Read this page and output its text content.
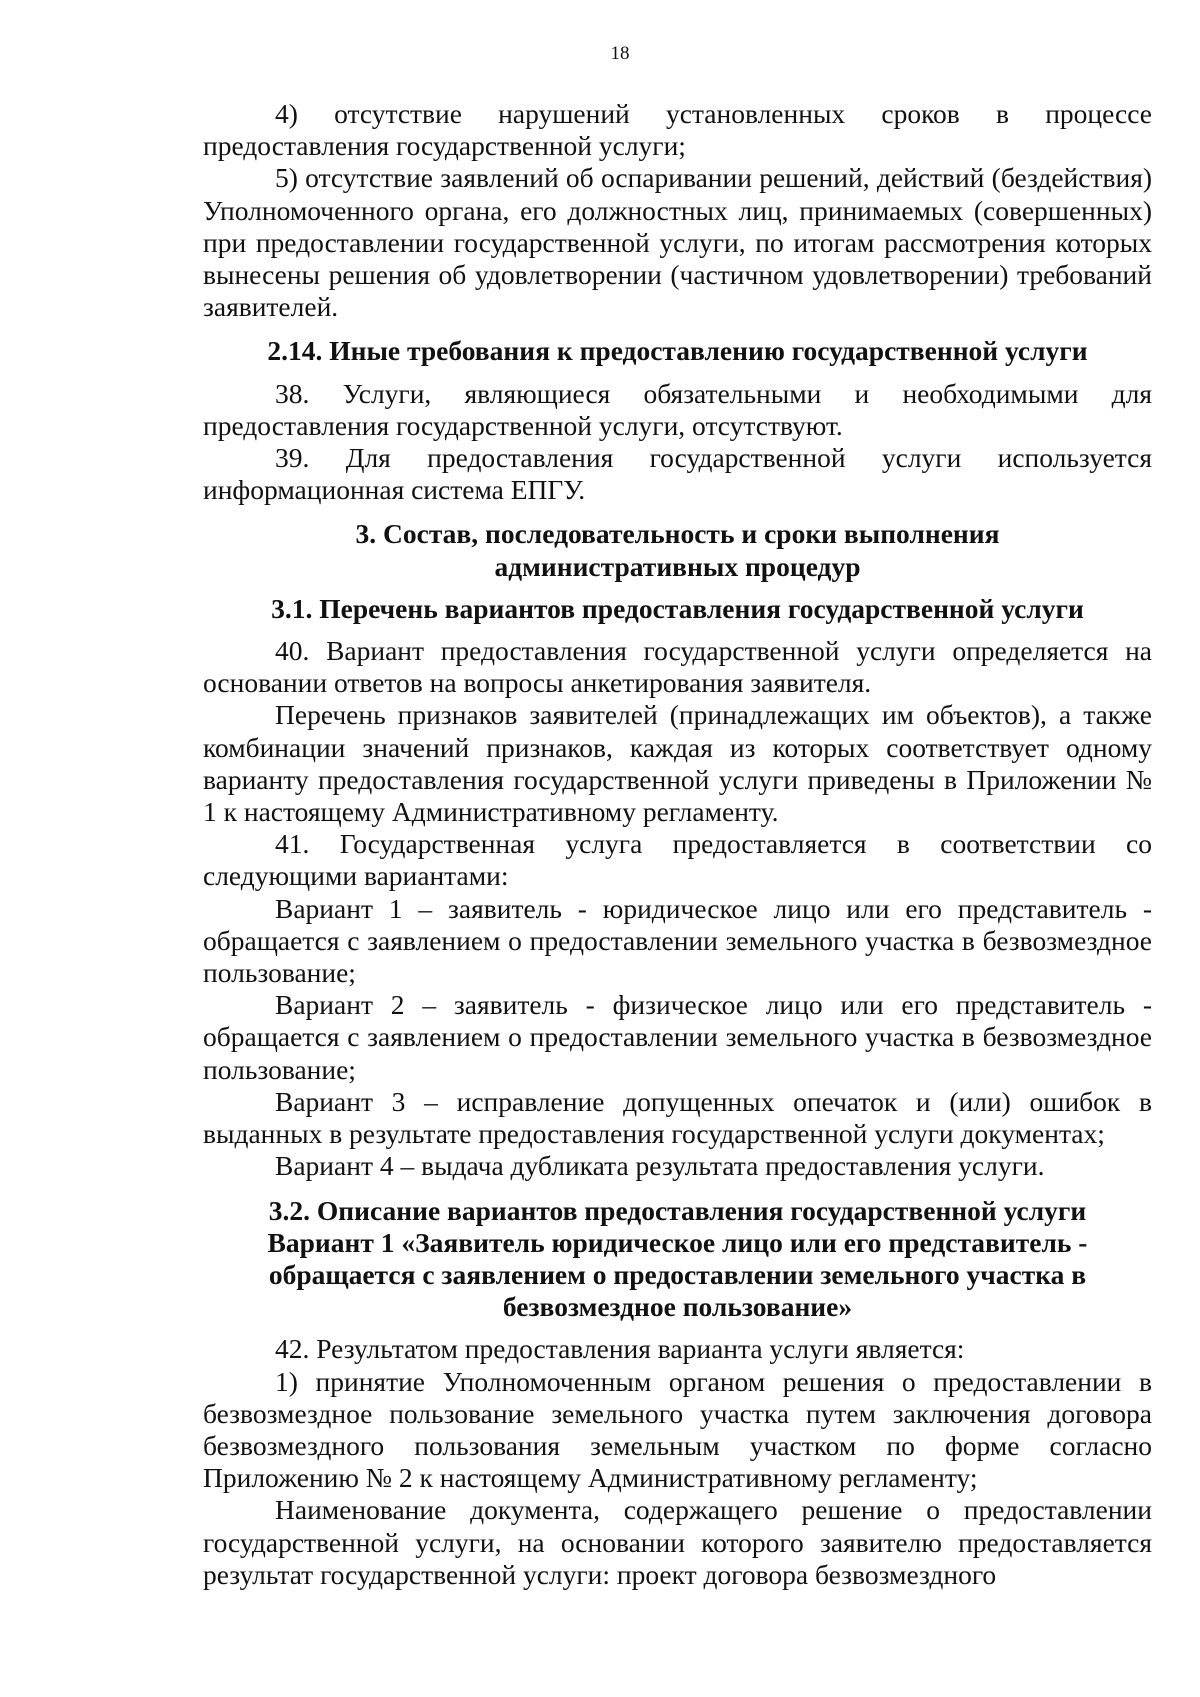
18

4) отсутствие нарушений установленных сроков в процессе предоставления государственной услуги;

5) отсутствие заявлений об оспаривании решений, действий (бездействия) Уполномоченного органа, его должностных лиц, принимаемых (совершенных) при предоставлении государственной услуги, по итогам рассмотрения которых вынесены решения об удовлетворении (частичном удовлетворении) требований заявителей.

2.14. Иные требования к предоставлению государственной услуги

38. Услуги, являющиеся обязательными и необходимыми для предоставления государственной услуги, отсутствуют.

39. Для предоставления государственной услуги используется информационная система ЕПГУ.

3. Состав, последовательность и сроки выполнения
административных процедур
3.1. Перечень вариантов предоставления государственной услуги

40. Вариант предоставления государственной услуги определяется на основании ответов на вопросы анкетирования заявителя.

Перечень признаков заявителей (принадлежащих им объектов), а также комбинации значений признаков, каждая из которых соответствует одному варианту предоставления государственной услуги приведены в Приложении № 1 к настоящему Административному регламенту.

41. Государственная услуга предоставляется в соответствии со следующими вариантами:

Вариант 1 – заявитель - юридическое лицо или его представитель - обращается с заявлением о предоставлении земельного участка в безвозмездное пользование;

Вариант 2 – заявитель - физическое лицо или его представитель - обращается с заявлением о предоставлении земельного участка в безвозмездное пользование;

Вариант 3 – исправление допущенных опечаток и (или) ошибок в выданных в результате предоставления государственной услуги документах;

Вариант 4 – выдача дубликата результата предоставления услуги.

3.2. Описание вариантов предоставления государственной услуги
Вариант 1 «Заявитель юридическое лицо или его представитель -
обращается с заявлением о предоставлении земельного участка в
безвозмездное пользование»

42. Результатом предоставления варианта услуги является:

1) принятие Уполномоченным органом решения о предоставлении в безвозмездное пользование земельного участка путем заключения договора безвозмездного пользования земельным участком по форме согласно Приложению № 2 к настоящему Административному регламенту;

Наименование документа, содержащего решение о предоставлении государственной услуги, на основании которого заявителю предоставляется результат государственной услуги: проект договора безвозмездного
